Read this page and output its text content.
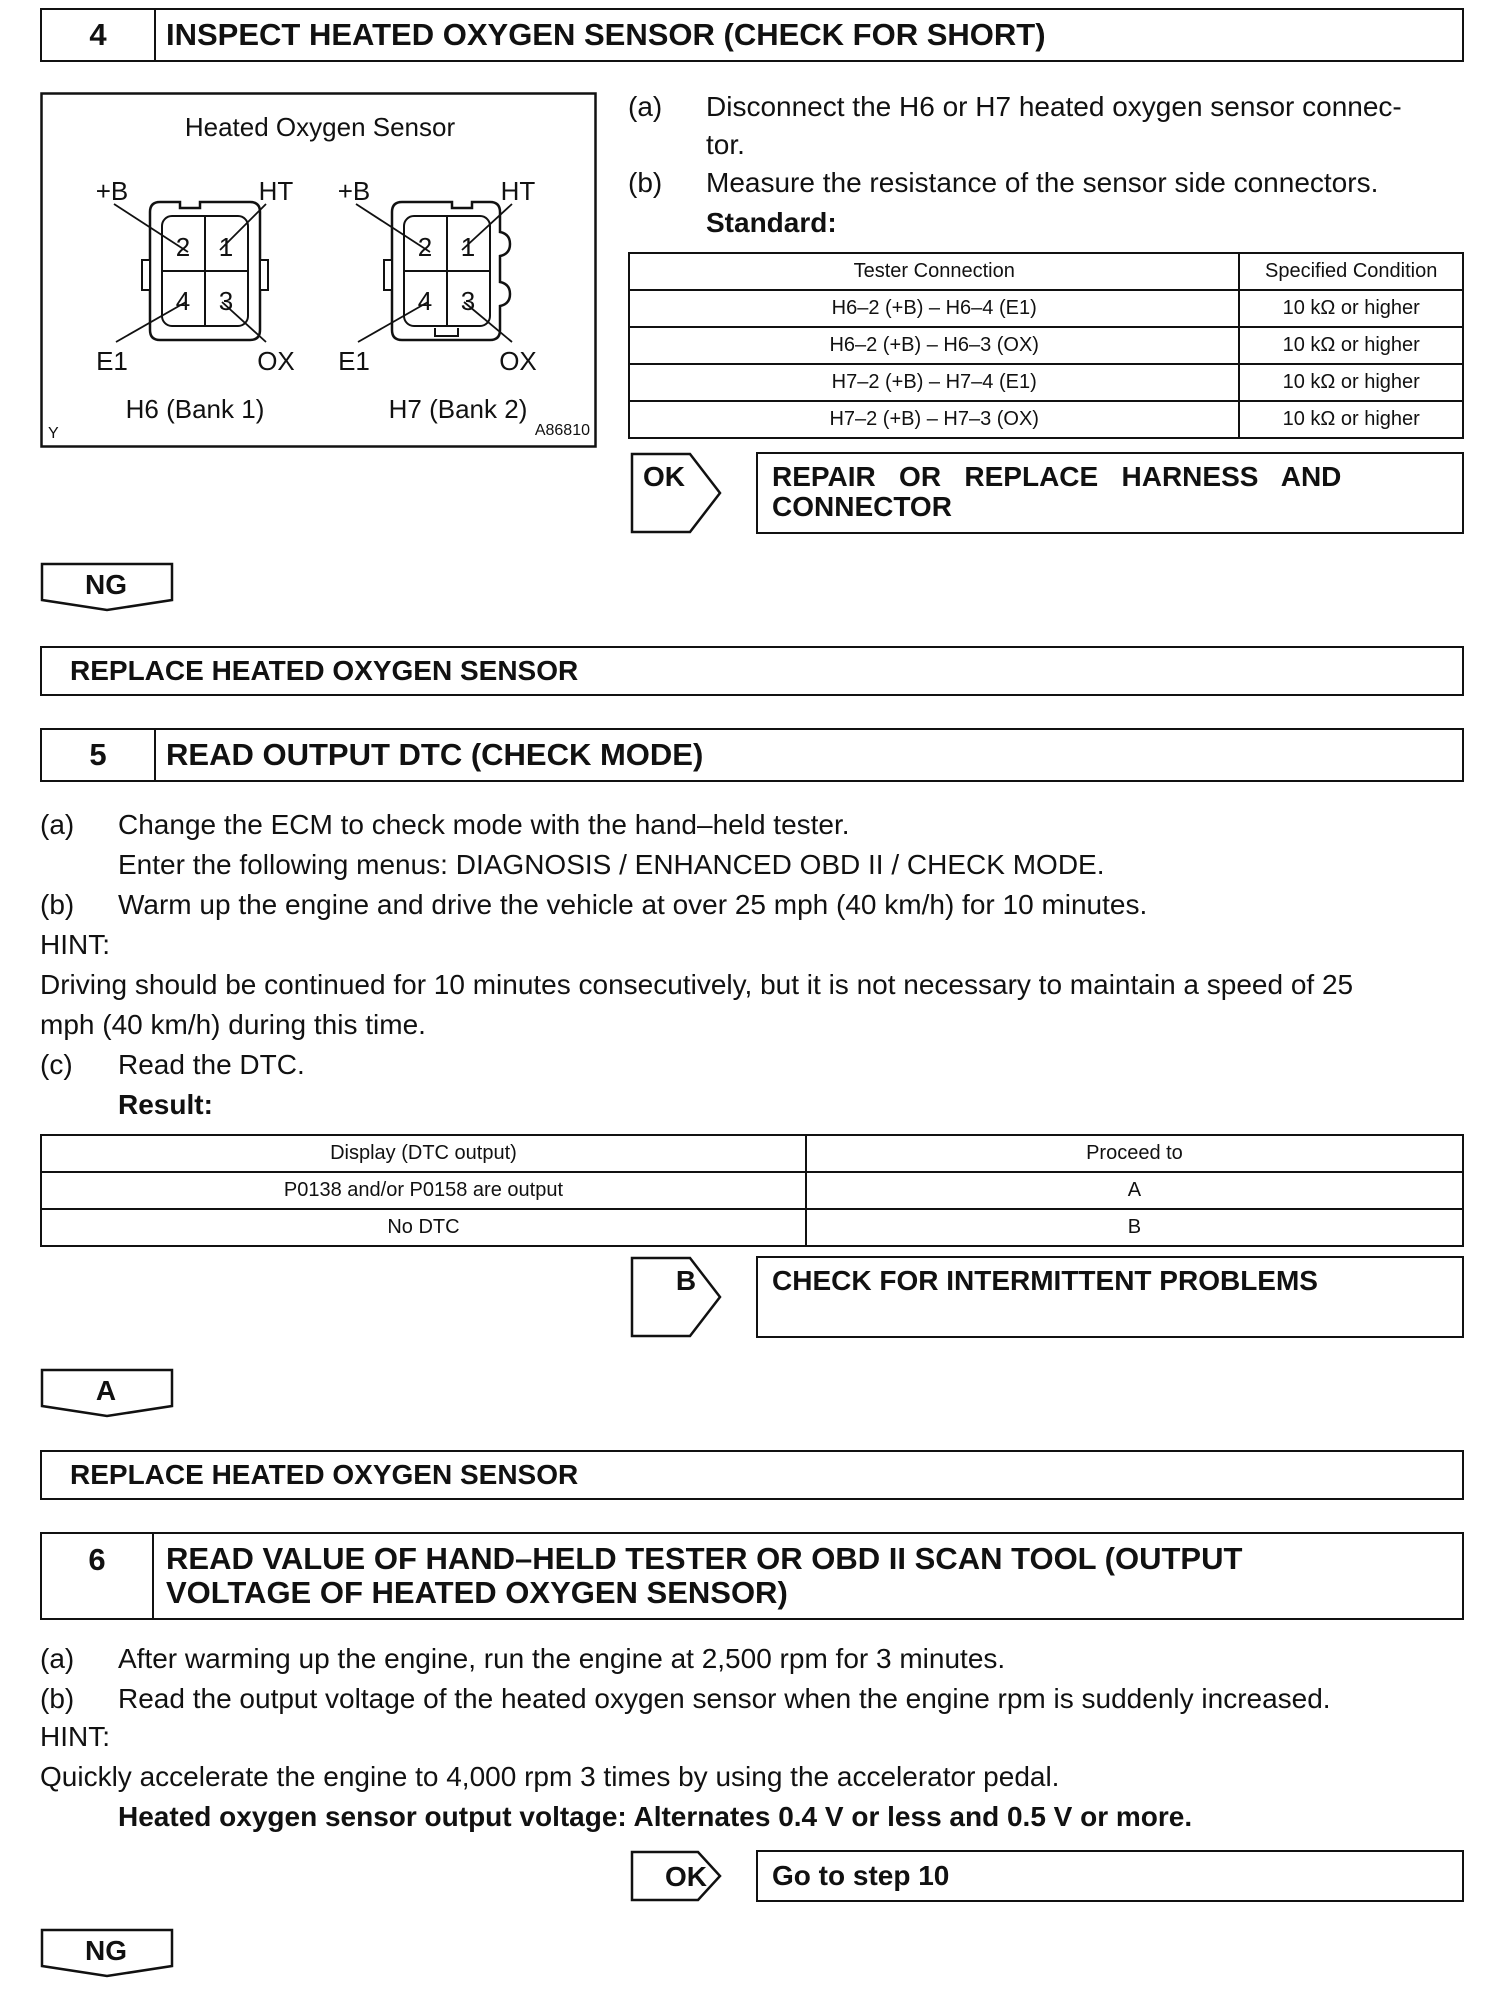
4	INSPECT HEATED OXYGEN SENSOR (CHECK FOR SHORT)
Heated Oxygen Sensor
2 1
4 3
+B	HT
E1	OX
H6 (Bank 1)
2 1
4 3
+B	HT
E1	OX
H7 (Bank 2)
Y	A86810
(a) Disconnect the H6 or H7 heated oxygen sensor connec-
tor.
(b) Measure the resistance of the sensor side connectors.
Standard:
Tester Connection	Specified Condition
H6–2 (+B) – H6–4 (E1)	10 kΩ or higher
H6–2 (+B) – H6–3 (OX)	10 kΩ or higher
H7–2 (+B) – H7–4 (E1)	10 kΩ or higher
H7–2 (+B) – H7–3 (OX)	10 kΩ or higher
OK	REPAIR   OR   REPLACE   HARNESS   AND
CONNECTOR
NG
REPLACE HEATED OXYGEN SENSOR
5	READ OUTPUT DTC (CHECK MODE)
(a) Change the ECM to check mode with the hand–held tester.
Enter the following menus: DIAGNOSIS / ENHANCED OBD II / CHECK MODE.
(b) Warm up the engine and drive the vehicle at over 25 mph (40 km/h) for 10 minutes.
HINT:
Driving should be continued for 10 minutes consecutively, but it is not necessary to maintain a speed of 25
mph (40 km/h) during this time.
(c) Read the DTC.
Result:
Display (DTC output)	Proceed to
P0138 and/or P0158 are output	A
No DTC	B
B	CHECK FOR INTERMITTENT PROBLEMS
A
REPLACE HEATED OXYGEN SENSOR
6	READ VALUE OF HAND–HELD TESTER OR OBD II SCAN TOOL (OUTPUT
VOLTAGE OF HEATED OXYGEN SENSOR)
(a) After warming up the engine, run the engine at 2,500 rpm for 3 minutes.
(b) Read the output voltage of the heated oxygen sensor when the engine rpm is suddenly increased.
HINT:
Quickly accelerate the engine to 4,000 rpm 3 times by using the accelerator pedal.
Heated oxygen sensor output voltage: Alternates 0.4 V or less and 0.5 V or more.
OK Go to step 10
NG
